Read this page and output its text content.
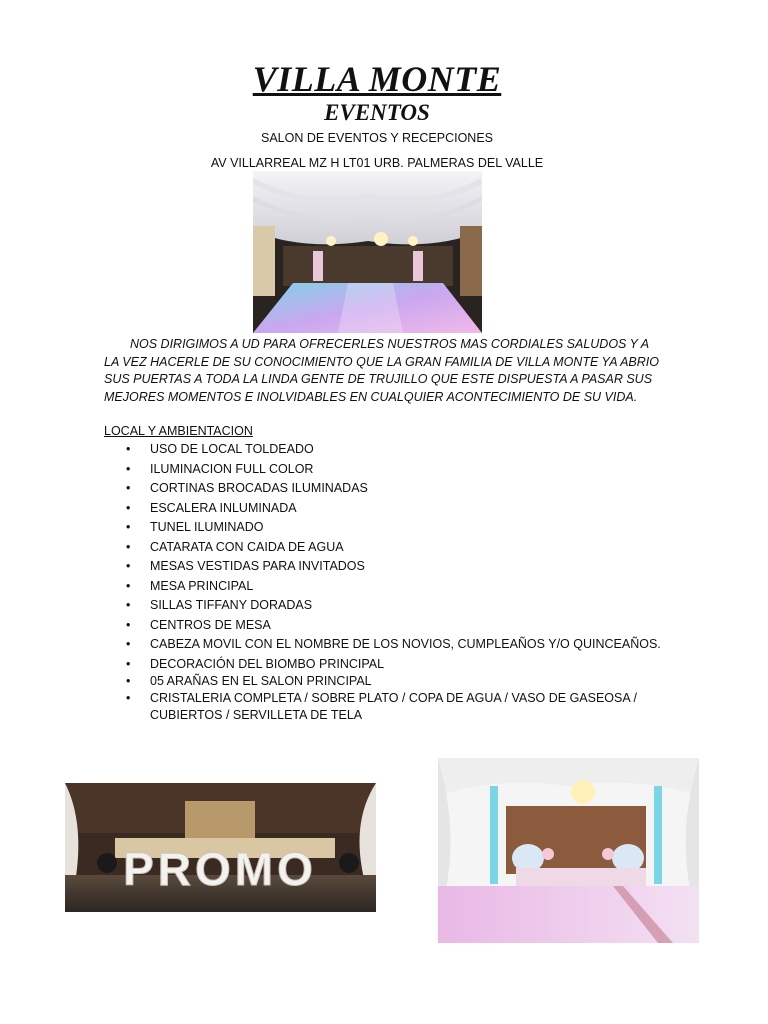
VILLA MONTE
EVENTOS
SALON DE EVENTOS Y RECEPCIONES
AV VILLARREAL MZ H LT01 URB. PALMERAS DEL VALLE
NOS DIRIGIMOS A UD PARA OFRECERLES NUESTROS MAS CORDIALES SALUDOS Y A LA VEZ HACERLE DE SU CONOCIMIENTO QUE LA GRAN FAMILIA DE VILLA MONTE YA ABRIO SUS PUERTAS A TODA LA LINDA GENTE DE TRUJILLO QUE ESTE DISPUESTA A PASAR SUS MEJORES MOMENTOS E INOLVIDABLES EN CUALQUIER ACONTECIMIENTO DE SU VIDA.
LOCAL Y AMBIENTACION
• USO DE LOCAL TOLDEADO
• ILUMINACION FULL COLOR
• CORTINAS BROCADAS ILUMINADAS
• ESCALERA INLUMINADA
• TUNEL ILUMINADO
• CATARATA CON CAIDA DE AGUA
• MESAS VESTIDAS PARA INVITADOS
• MESA PRINCIPAL
• SILLAS TIFFANY DORADAS
• CENTROS DE MESA
• CABEZA MOVIL CON EL NOMBRE DE LOS NOVIOS, CUMPLEAÑOS Y/O QUINCEAÑOS.
• DECORACIÓN DEL BIOMBO PRINCIPAL
• 05 ARAÑAS EN EL SALON PRINCIPAL
• CRISTALERIA COMPLETA / SOBRE PLATO / COPA DE AGUA / VASO DE GASEOSA / CUBIERTOS / SERVILLETA DE TELA
PROMO
